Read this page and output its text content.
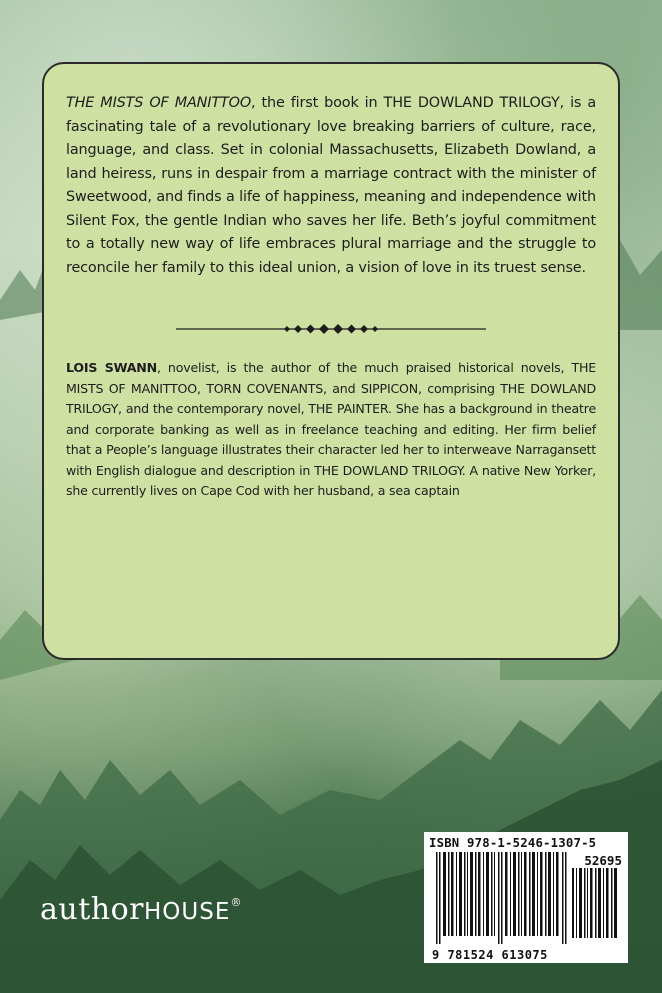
THE MISTS OF MANITTOO, the first book in THE DOWLAND TRILOGY, is a fascinating tale of a revolutionary love breaking barriers of culture, race, language, and class. Set in colonial Massachusetts, Elizabeth Dowland, a land heiress, runs in despair from a marriage contract with the minister of Sweetwood, and finds a life of happiness, meaning and independence with Silent Fox, the gentle Indian who saves her life. Beth’s joyful commitment to a totally new way of life embraces plural marriage and the struggle to reconcile her family to this ideal union, a vision of love in its truest sense.

LOIS SWANN, novelist, is the author of the much praised historical novels, THE MISTS OF MANITTOO, TORN COVENANTS, and SIPPICON, comprising THE DOWLAND TRILOGY, and the contemporary novel, THE PAINTER. She has a background in theatre and corporate banking as well as in freelance teaching and editing. Her firm belief that a People’s language illustrates their character led her to interweave Narragansett with English dialogue and description in THE DOWLAND TRILOGY. A native New Yorker, she currently lives on Cape Cod with her husband, a sea captain

authorHOUSE®
ISBN 978-1-5246-1307-5
52695
9 781524 613075
